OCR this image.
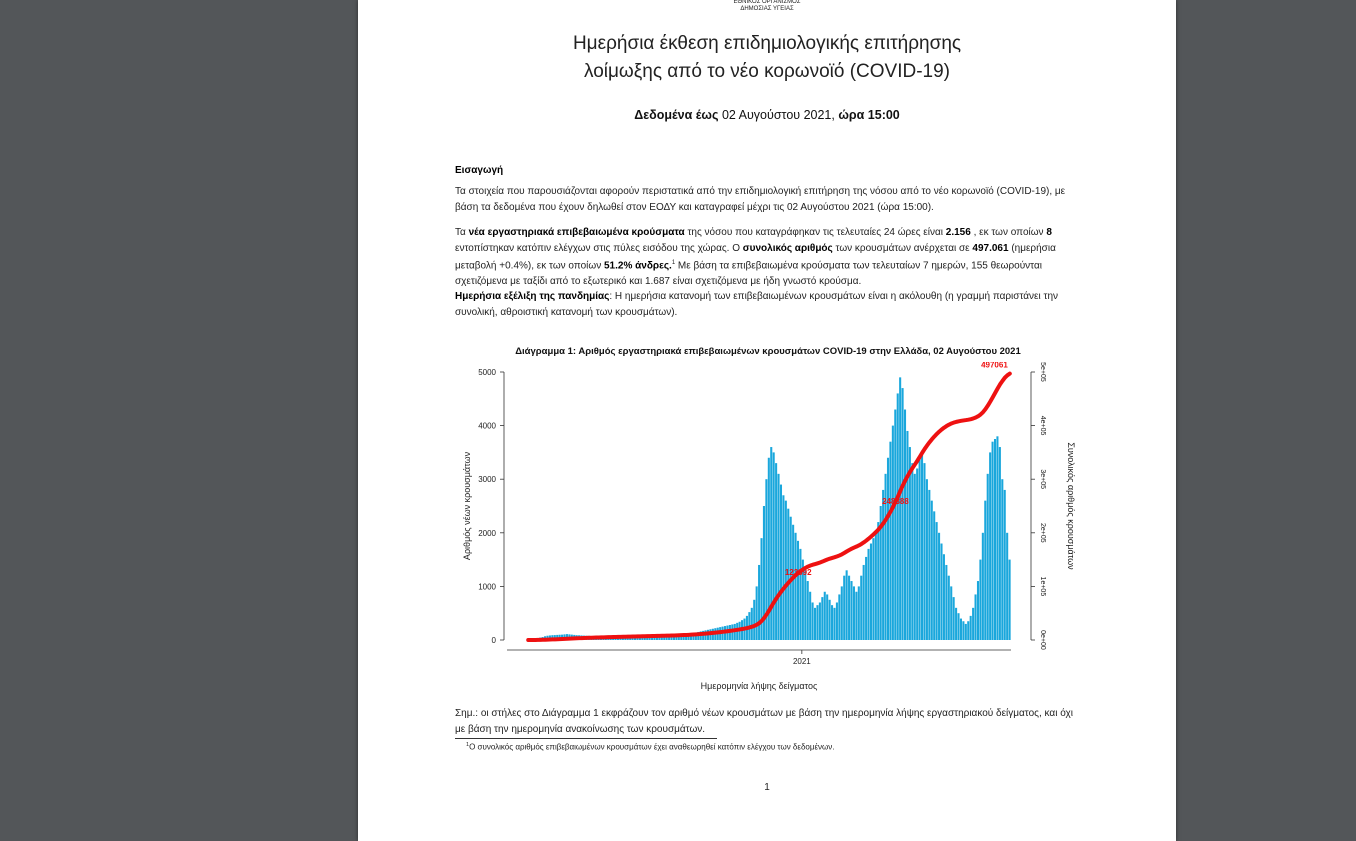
ΕΘΝΙΚΟΣ ΟΡΓΑΝΙΣΜΟΣ
ΔΗΜΟΣΙΑΣ ΥΓΕΙΑΣ
Ημερήσια έκθεση επιδημιολογικής επιτήρησης
λοίμωξης από το νέο κορωνοϊό (COVID-19)
Δεδομένα έως 02 Αυγούστου 2021, ώρα 15:00
Εισαγωγή
Τα στοιχεία που παρουσιάζονται αφορούν περιστατικά από την επιδημιολογική επιτήρηση της νόσου από το νέο κορωνοϊό (COVID-19), με βάση τα δεδομένα που έχουν δηλωθεί στον ΕΟΔΥ και καταγραφεί μέχρι τις 02 Αυγούστου 2021 (ώρα 15:00).
Τα νέα εργαστηριακά επιβεβαιωμένα κρούσματα της νόσου που καταγράφηκαν τις τελευταίες 24 ώρες είναι 2.156 , εκ των οποίων 8 εντοπίστηκαν κατόπιν ελέγχων στις πύλες εισόδου της χώρας. Ο συνολικός αριθμός των κρουσμάτων ανέρχεται σε 497.061 (ημερήσια μεταβολή +0.4%), εκ των οποίων 51.2% άνδρες.$^1$ Με βάση τα επιβεβαιωμένα κρούσματα των τελευταίων 7 ημερών, 155 θεωρούνται σχετιζόμενα με ταξίδι από το εξωτερικό και 1.687 είναι σχετιζόμενα με ήδη γνωστό κρούσμα.
Ημερήσια εξέλιξη της πανδημίας: Η ημερήσια κατανομή των επιβεβαιωμένων κρουσμάτων είναι η ακόλουθη (η γραμμή παριστάνει την συνολική, αθροιστική κατανομή των κρουσμάτων).
Διάγραμμα 1: Αριθμός εργαστηριακά επιβεβαιωμένων κρουσμάτων COVID-19 στην Ελλάδα, 02 Αυγούστου 2021
0
1000
2000
3000
4000
5000
0e+00
1e+05
2e+05
3e+05
4e+05
5e+05
2021
Ημερομηνία λήψης δείγματος
Αριθμός νέων κρουσμάτων	Συνολικός αριθμός κρουσμάτων
123892
248388
497061
Σημ.: οι στήλες στο Διάγραμμα 1 εκφράζουν τον αριθμό νέων κρουσμάτων με βάση την ημερομηνία λήψης εργαστηριακού δείγματος, και όχι με βάση την ημερομηνία ανακοίνωσης των κρουσμάτων.
$^1$Ο συνολικός αριθμός επιβεβαιωμένων κρουσμάτων έχει αναθεωρηθεί κατόπιν ελέγχου των δεδομένων.
1
